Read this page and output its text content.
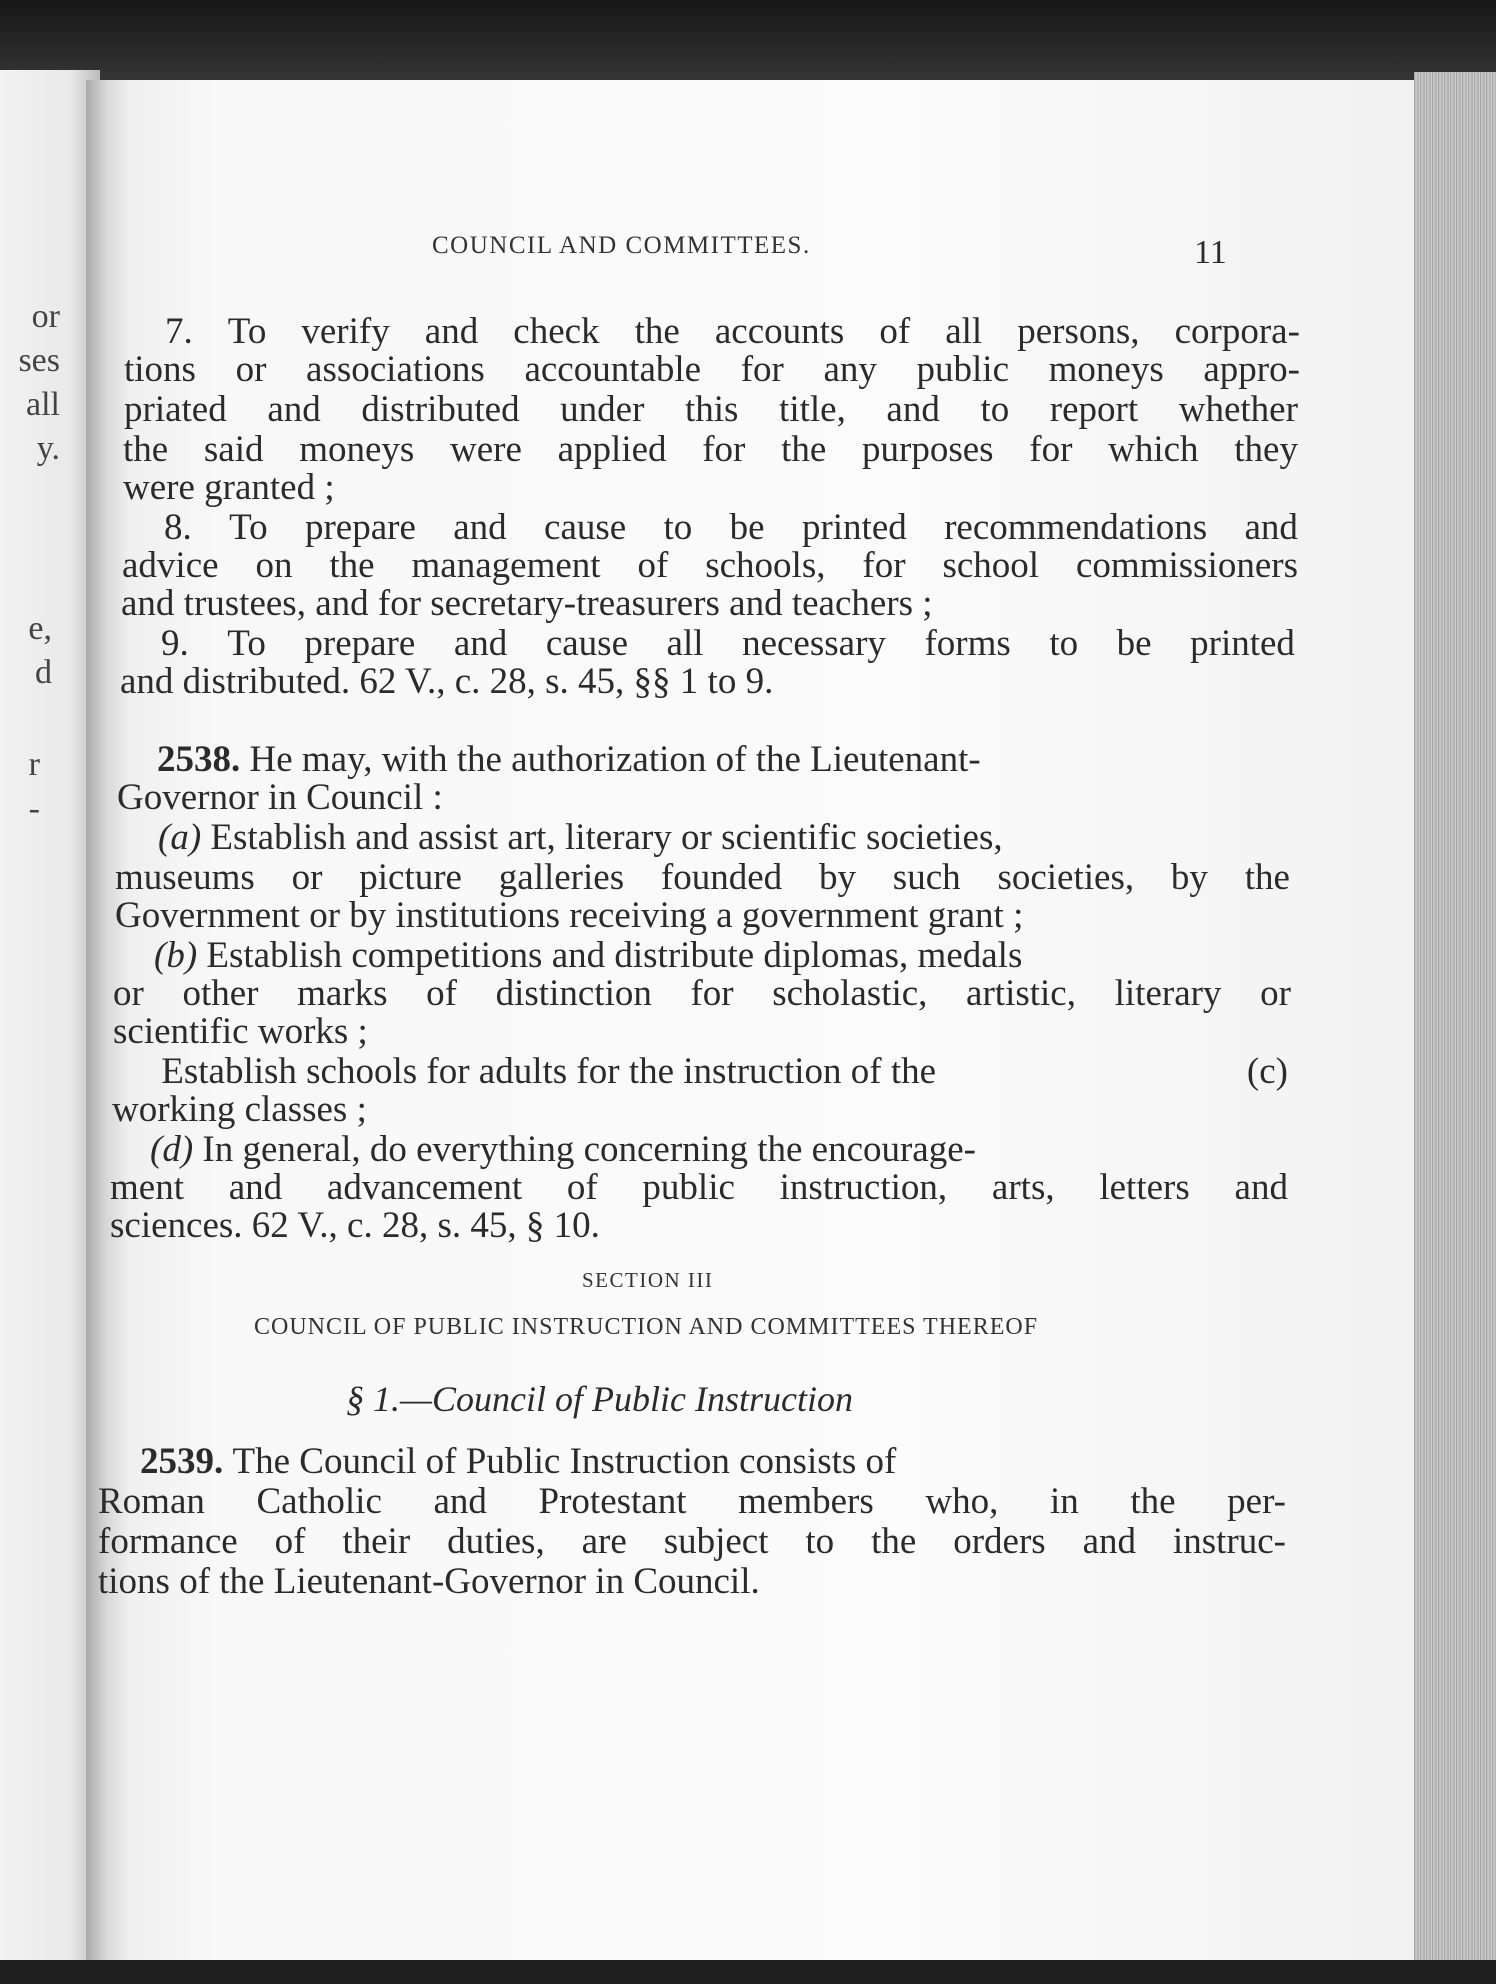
or
ses
all
y.
e,
d
r
-
COUNCIL AND COMMITTEES.	11
7. To verify and check the accounts of all persons, corpora-
tions or associations accountable for any public moneys appro-
priated and distributed under this title, and to report whether
the said moneys were applied for the purposes for which they
were granted ;
8. To prepare and cause to be printed recommendations and
advice on the management of schools, for school commissioners
and trustees, and for secretary-treasurers and teachers ;
9. To prepare and cause all necessary forms to be printed
and distributed. 62 V., c. 28, s. 45, §§ 1 to 9.
2538.
He may, with the authorization of the Lieutenant-
Governor in Council :
(a)
Establish and assist art, literary or scientific societies,
museums or picture galleries founded by such societies, by the
Government or by institutions receiving a government grant ;
(b)
Establish competitions and distribute diplomas, medals
or other marks of distinction for scholastic, artistic, literary or
scientific works ;
Establish schools for adults for the instruction of the	(c)
working classes ;
(d)
In general, do everything concerning the encourage-
ment and advancement of public instruction, arts, letters and
sciences. 62 V., c. 28, s. 45, § 10.
SECTION III
COUNCIL OF PUBLIC INSTRUCTION AND COMMITTEES THEREOF
§ 1.—Council of Public Instruction
2539.
The Council of Public Instruction consists of
Roman Catholic and Protestant members who, in the per-
formance of their duties, are subject to the orders and instruc-
tions of the Lieutenant-Governor in Council.
